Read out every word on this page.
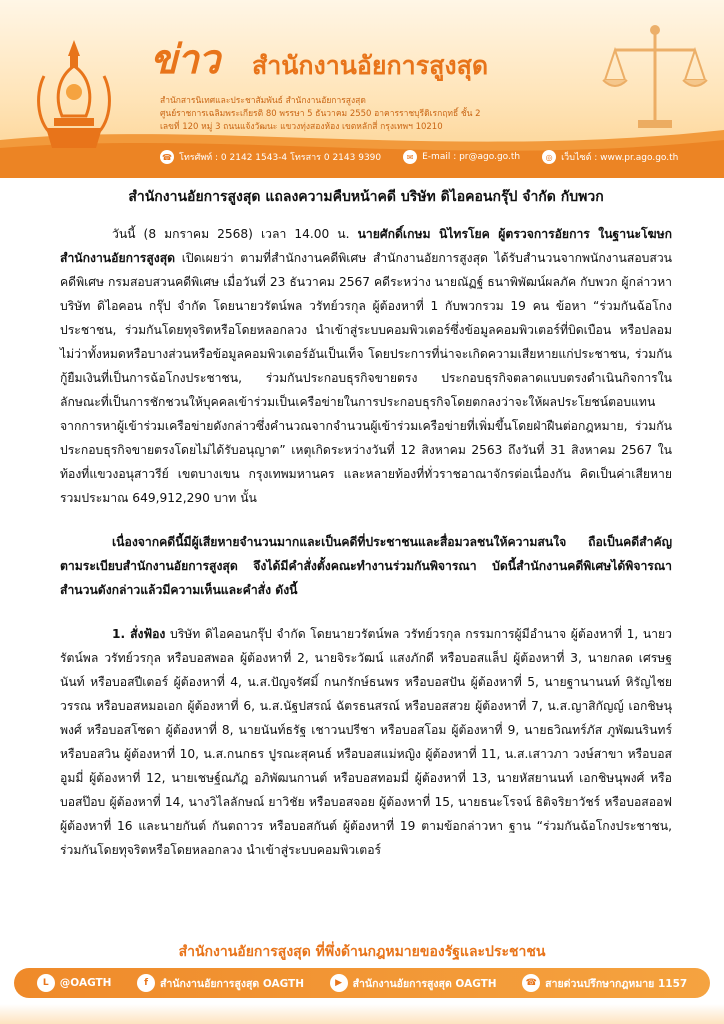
ข่าว สำนักงานอัยการสูงสุด
สำนักสารนิเทศและประชาสัมพันธ์ สำนักงานอัยการสูงสุด
ศูนย์ราชการเฉลิมพระเกียรติ 80 พรรษา 5 ธันวาคม 2550 อาคารราชบุรีดิเรกฤทธิ์ ชั้น 2
เลขที่ 120 หมู่ 3 ถนนแจ้งวัฒนะ แขวงทุ่งสองห้อง เขตหลักสี่ กรุงเทพฯ 10210
☎ โทรศัพท์ : 0 2142 1543-4 โทรสาร 0 2143 9390	✉ E-mail : pr@ago.go.th	◎ เว็บไซต์ : www.pr.ago.go.th
สำนักงานอัยการสูงสุด แถลงความคืบหน้าคดี บริษัท ดิไอคอนกรุ๊ป จำกัด กับพวก

วันนี้ (8 มกราคม 2568) เวลา 14.00 น. นายศักดิ์เกษม นิไทรโยค ผู้ตรวจการอัยการ ในฐานะโฆษกสำนักงานอัยการสูงสุด เปิดเผยว่า ตามที่สำนักงานคดีพิเศษ สำนักงานอัยการสูงสุด ได้รับสำนวนจากพนักงานสอบสวนคดีพิเศษ กรมสอบสวนคดีพิเศษ เมื่อวันที่ 23 ธันวาคม 2567 คดีระหว่าง นายณัฏฐ์ ธนาพิพัฒน์ผลภัค กับพวก ผู้กล่าวหา บริษัท ดิไอคอน กรุ๊ป จำกัด โดยนายวรัตน์พล วรัทย์วรกุล ผู้ต้องหาที่ 1 กับพวกรวม 19 คน ข้อหา “ร่วมกันฉ้อโกงประชาชน, ร่วมกันโดยทุจริตหรือโดยหลอกลวง นำเข้าสู่ระบบคอมพิวเตอร์ซึ่งข้อมูลคอมพิวเตอร์ที่บิดเบือน หรือปลอมไม่ว่าทั้งหมดหรือบางส่วนหรือข้อมูลคอมพิวเตอร์อันเป็นเท็จ โดยประการที่น่าจะเกิดความเสียหายแก่ประชาชน, ร่วมกันกู้ยืมเงินที่เป็นการฉ้อโกงประชาชน, ร่วมกันประกอบธุรกิจขายตรง ประกอบธุรกิจตลาดแบบตรงดำเนินกิจการในลักษณะที่เป็นการชักชวนให้บุคคลเข้าร่วมเป็นเครือข่ายในการประกอบธุรกิจโดยตกลงว่าจะให้ผลประโยชน์ตอบแทนจากการหาผู้เข้าร่วมเครือข่ายดังกล่าวซึ่งคำนวณจากจำนวนผู้เข้าร่วมเครือข่ายที่เพิ่มขึ้นโดยฝ่าฝืนต่อกฎหมาย, ร่วมกันประกอบธุรกิจขายตรงโดยไม่ได้รับอนุญาต” เหตุเกิดระหว่างวันที่ 12 สิงหาคม 2563 ถึงวันที่ 31 สิงหาคม 2567 ในท้องที่แขวงอนุสาวรีย์ เขตบางเขน กรุงเทพมหานคร และหลายท้องที่ทั่วราชอาณาจักรต่อเนื่องกัน คิดเป็นค่าเสียหายรวมประมาณ 649,912,290 บาท นั้น

เนื่องจากคดีนี้มีผู้เสียหายจำนวนมากและเป็นคดีที่ประชาชนและสื่อมวลชนให้ความสนใจ ถือเป็นคดีสำคัญตามระเบียบสำนักงานอัยการสูงสุด จึงได้มีคำสั่งตั้งคณะทำงานร่วมกันพิจารณา บัดนี้สำนักงานคดีพิเศษได้พิจารณาสำนวนดังกล่าวแล้วมีความเห็นและคำสั่ง ดังนี้

1. สั่งฟ้อง บริษัท ดิไอคอนกรุ๊ป จำกัด โดยนายวรัตน์พล วรัทย์วรกุล กรรมการผู้มีอำนาจ ผู้ต้องหาที่ 1, นายวรัตน์พล วรัทย์วรกุล หรือบอสพอล ผู้ต้องหาที่ 2, นายจิระวัฒน์ แสงภักดี หรือบอสแล็ป ผู้ต้องหาที่ 3, นายกลด เศรษฐนันท์ หรือบอสปีเตอร์ ผู้ต้องหาที่ 4, น.ส.ปัญจรัศมิ์ กนกรักษ์ธนพร หรือบอสปัน ผู้ต้องหาที่ 5, นายฐานานนท์ หิรัญไชยวรรณ หรือบอสหมอเอก ผู้ต้องหาที่ 6, น.ส.นัฐปสรณ์ ฉัตรธนสรณ์ หรือบอสสวย ผู้ต้องหาที่ 7, น.ส.ญาสิกัญญ์ เอกชิษนุพงศ์ หรือบอสโซดา ผู้ต้องหาที่ 8, นายนันท์ธรัฐ เชาวนปรีชา หรือบอสโอม ผู้ต้องหาที่ 9, นายธวิณทร์ภัส ภูพัฒนรินทร์ หรือบอสวิน ผู้ต้องหาที่ 10, น.ส.กนกธร ปูรณะสุคนธ์ หรือบอสแม่หญิง ผู้ต้องหาที่ 11, น.ส.เสาวภา วงษ์สาขา หรือบอสอูมมี่ ผู้ต้องหาที่ 12, นายเชษฐ์ณภัฎ อภิพัฒนกานต์ หรือบอสทอมมี่ ผู้ต้องหาที่ 13, นายหัสยานนท์ เอกชิษนุพงศ์ หรือบอสป๊อบ ผู้ต้องหาที่ 14, นางวิไลลักษณ์ ยาวิชัย หรือบอสจอย ผู้ต้องหาที่ 15, นายธนะโรจน์ ธิติจริยาวัชร์ หรือบอสออฟ ผู้ต้องหาที่ 16 และนายกันต์ กันตถาวร หรือบอสกันต์ ผู้ต้องหาที่ 19 ตามข้อกล่าวหา ฐาน “ร่วมกันฉ้อโกงประชาชน, ร่วมกันโดยทุจริตหรือโดยหลอกลวง นำเข้าสู่ระบบคอมพิวเตอร์

สำนักงานอัยการสูงสุด ที่พึ่งด้านกฎหมายของรัฐและประชาชน
L	@OAGTH	f	สำนักงานอัยการสูงสุด OAGTH	▶	สำนักงานอัยการสูงสุด OAGTH	☎ สายด่วนปรึกษากฎหมาย 1157
